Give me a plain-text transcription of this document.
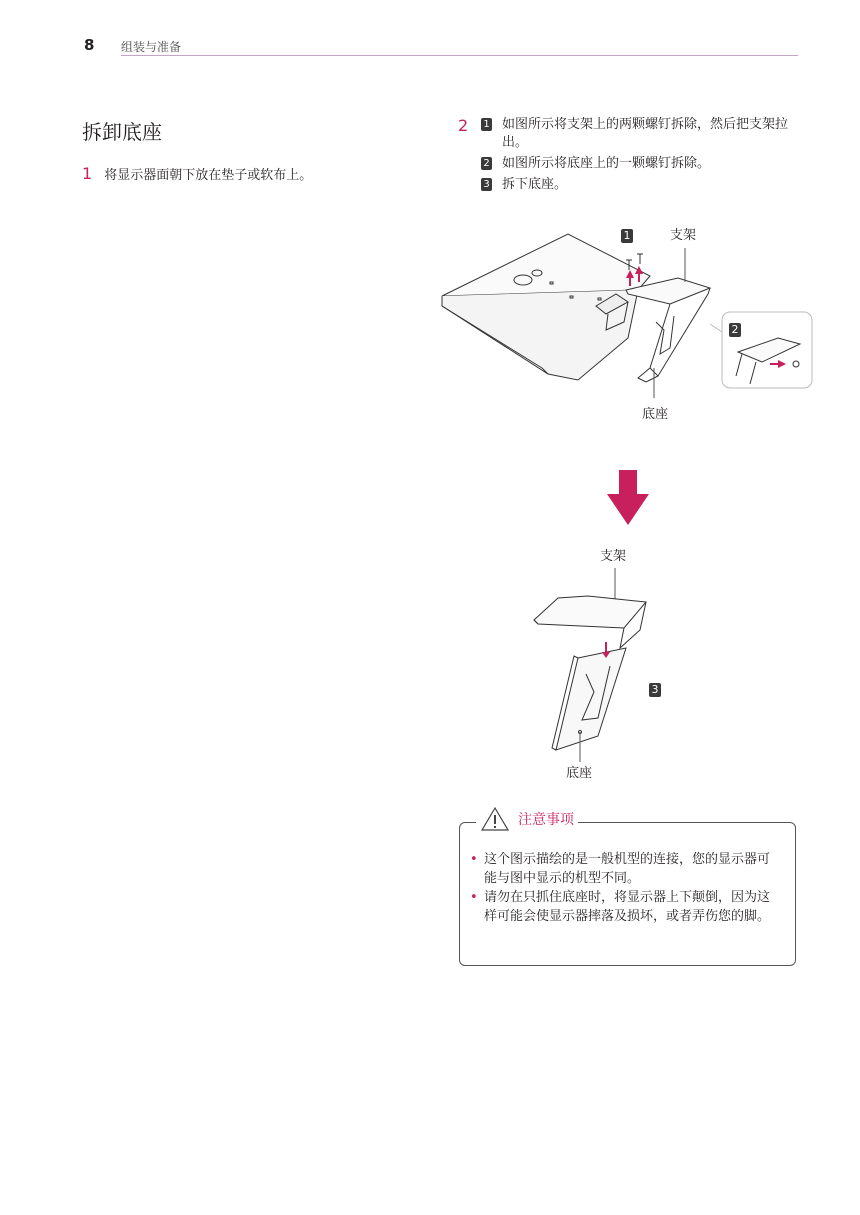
8 组装与准备
拆卸底座
1 将显示器面朝下放在垫子或软布上。
2 1 如图所示将支架上的两颗螺钉拆除，然后把支架拉出。
2 如图所示将底座上的一颗螺钉拆除。
3 拆下底座。
1	支架
2
底座
支架
3
底座
注意事项
• 这个图示描绘的是一般机型的连接，您的显示器可能与图中显示的机型不同。
• 请勿在只抓住底座时，将显示器上下颠倒，因为这样可能会使显示器摔落及损坏，或者弄伤您的脚。
